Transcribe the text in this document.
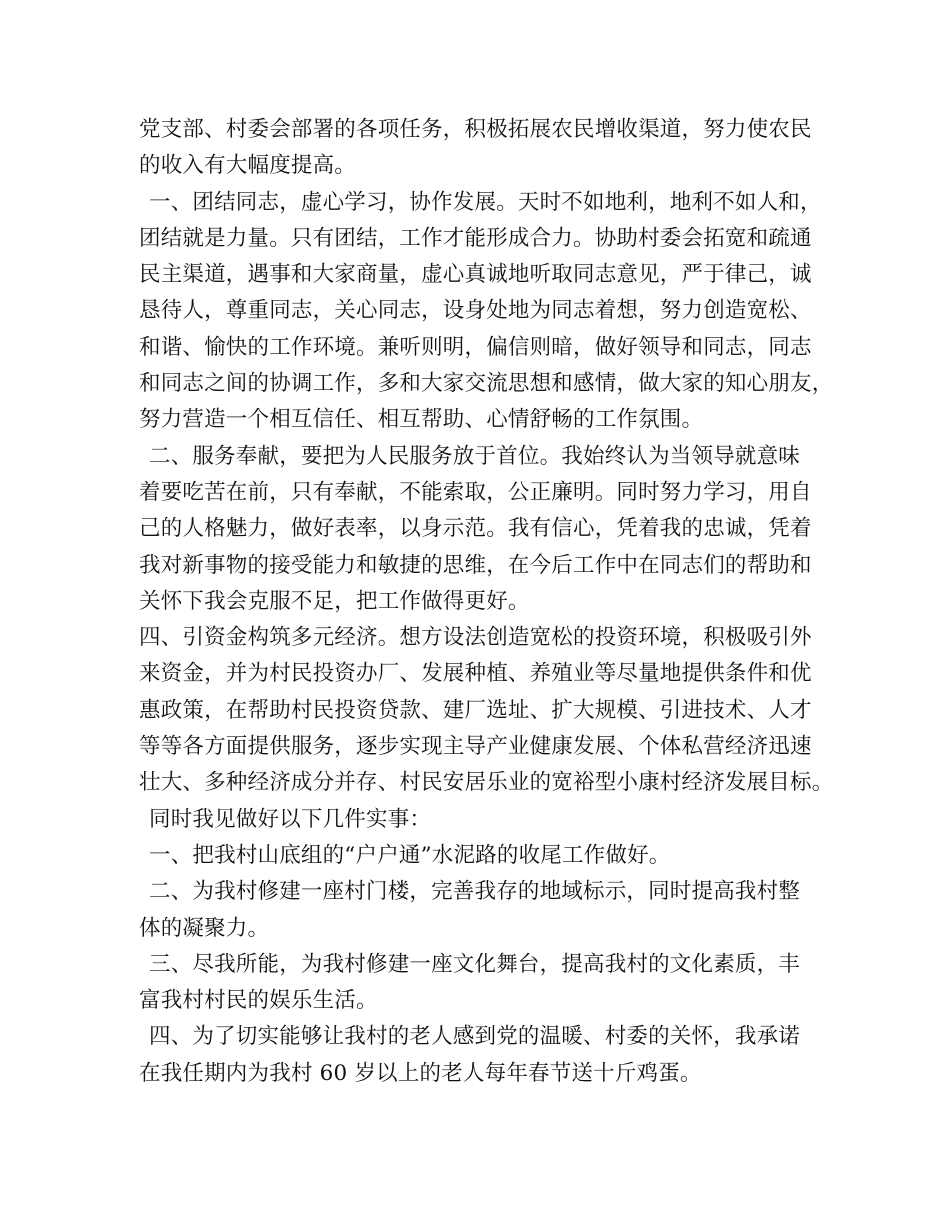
党支部、村委会部署的各项任务，积极拓展农民增收渠道，努力使农民
的收入有大幅度提高。
一、团结同志，虚心学习，协作发展。天时不如地利，地利不如人和，
团结就是力量。只有团结，工作才能形成合力。协助村委会拓宽和疏通
民主渠道，遇事和大家商量，虚心真诚地听取同志意见，严于律己，诚
恳待人，尊重同志，关心同志，设身处地为同志着想，努力创造宽松、
和谐、愉快的工作环境。兼听则明，偏信则暗，做好领导和同志，同志
和同志之间的协调工作，多和大家交流思想和感情，做大家的知心朋友，
努力营造一个相互信任、相互帮助、心情舒畅的工作氛围。
二、服务奉献，要把为人民服务放于首位。我始终认为当领导就意味
着要吃苦在前，只有奉献，不能索取，公正廉明。同时努力学习，用自
己的人格魅力，做好表率，以身示范。我有信心，凭着我的忠诚，凭着
我对新事物的接受能力和敏捷的思维，在今后工作中在同志们的帮助和
关怀下我会克服不足，把工作做得更好。
四、引资金构筑多元经济。想方设法创造宽松的投资环境，积极吸引外
来资金，并为村民投资办厂、发展种植、养殖业等尽量地提供条件和优
惠政策，在帮助村民投资贷款、建厂选址、扩大规模、引进技术、人才
等等各方面提供服务，逐步实现主导产业健康发展、个体私营经济迅速
壮大、多种经济成分并存、村民安居乐业的宽裕型小康村经济发展目标。
同时我见做好以下几件实事：
一、把我村山底组的“户户通”水泥路的收尾工作做好。
二、为我村修建一座村门楼，完善我存的地域标示，同时提高我村整
体的凝聚力。
三、尽我所能，为我村修建一座文化舞台，提高我村的文化素质，丰
富我村村民的娱乐生活。
四、为了切实能够让我村的老人感到党的温暖、村委的关怀，我承诺
在我任期内为我村 60 岁以上的老人每年春节送十斤鸡蛋。
